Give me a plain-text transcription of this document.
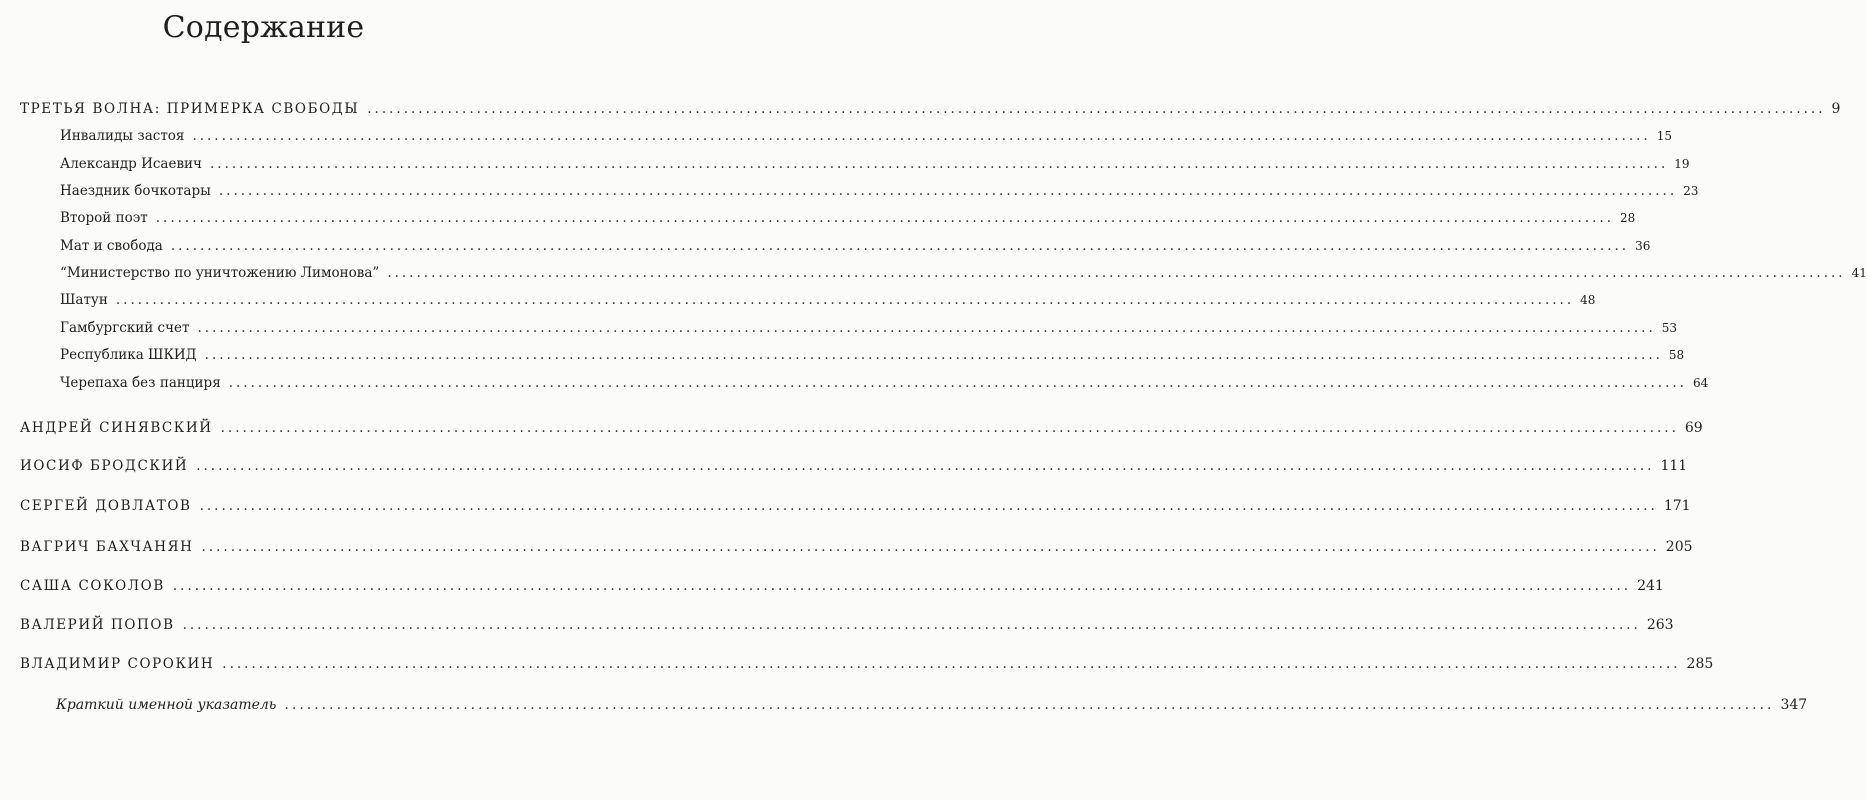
Содержание
ТРЕТЬЯ ВОЛНА: ПРИМЕРКА СВОБОДЫ ........................................................................................................................................................................................................ 9
Инвалиды застоя ........................................................................................................................................................................................................ 15
Александр Исаевич ........................................................................................................................................................................................................ 19
Наездник бочкотары ........................................................................................................................................................................................................ 23
Второй поэт ........................................................................................................................................................................................................ 28
Мат и свобода ........................................................................................................................................................................................................ 36
“Министерство по уничтожению Лимонова” ........................................................................................................................................................................................................ 41
Шатун ........................................................................................................................................................................................................ 48
Гамбургский счет ........................................................................................................................................................................................................ 53
Республика ШКИД ........................................................................................................................................................................................................ 58
Черепаха без панциря ........................................................................................................................................................................................................ 64
АНДРЕЙ СИНЯВСКИЙ ........................................................................................................................................................................................................ 69
ИОСИФ БРОДСКИЙ ........................................................................................................................................................................................................ 111
СЕРГЕЙ ДОВЛАТОВ ........................................................................................................................................................................................................ 171
ВАГРИЧ БАХЧАНЯН ........................................................................................................................................................................................................ 205
САША СОКОЛОВ ........................................................................................................................................................................................................ 241
ВАЛЕРИЙ ПОПОВ ........................................................................................................................................................................................................ 263
ВЛАДИМИР СОРОКИН ........................................................................................................................................................................................................ 285
Краткий именной указатель ........................................................................................................................................................................................................ 347
